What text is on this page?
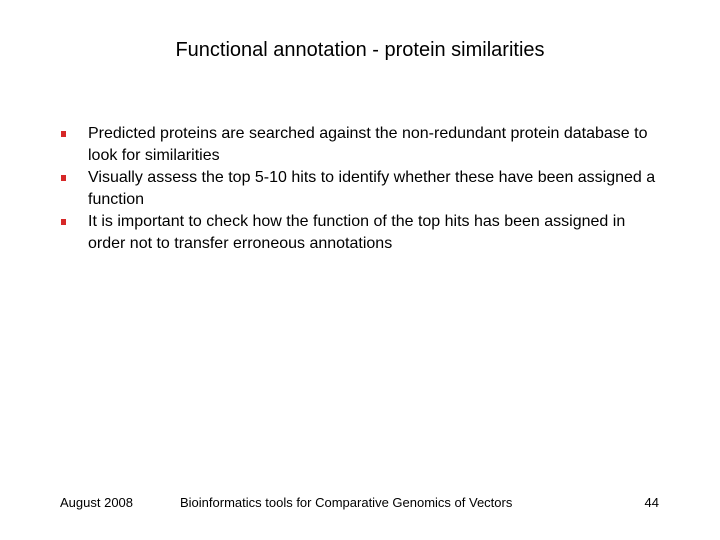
Functional annotation - protein similarities
Predicted proteins are searched against the non-redundant protein database to look for similarities
Visually assess the top 5-10 hits to identify whether these have been assigned a function
It is important to check how the function of the top hits has been assigned in order not to transfer erroneous annotations
August 2008	Bioinformatics tools for Comparative Genomics of Vectors	44
